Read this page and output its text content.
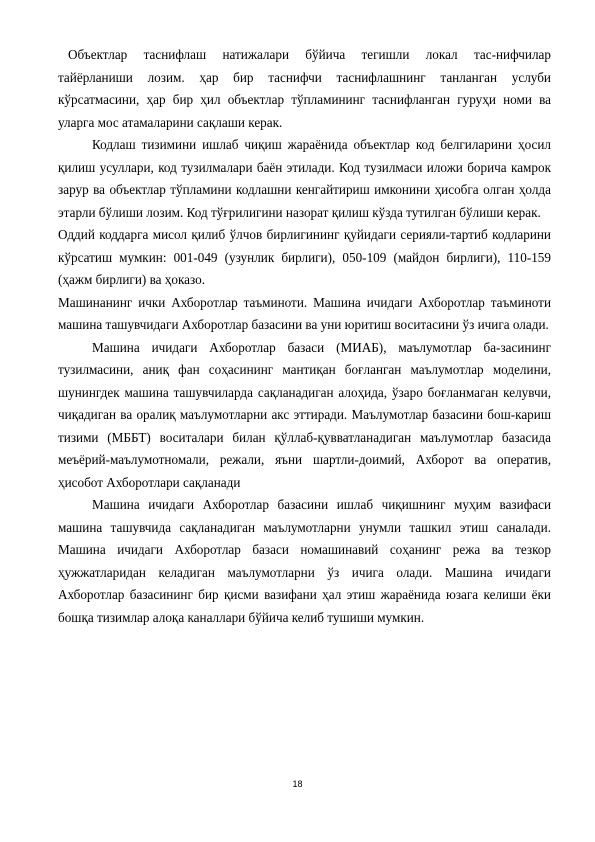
Объектлар таснифлаш натижалари бўйича тегишли локал тас-нифчилар тайёрланиши лозим. ҳар бир таснифчи таснифлашнинг танланган услуби кўрсатмасини, ҳар бир ҳил объектлар тўпламининг таснифланган гуруҳи номи ва уларга мос атамаларини сақлаши керак.

Кодлаш тизимини ишлаб чиқиш жараёнида объектлар код белгиларини ҳосил қилиш усуллари, код тузилмалари баён этилади. Код тузилмаси иложи борича камрок зарур ва объектлар тўпламини кодлашни кенгайтириш имконини ҳисобга олган ҳолда этарли бўлиши лозим. Код тўғрилигини назорат қилиш кўзда тутилган бўлиши керак.

Оддий коддарга мисол қилиб ўлчов бирлигининг қуйидаги серияли-тартиб кодларини кўрсатиш мумкин: 001-049 (узунлик бирлиги), 050-109 (майдон бирлиги), 110-159 (ҳажм бирлиги) ва ҳоказо.

Машинанинг ички Ахборотлар таъминоти. Машина ичидаги Ахборотлар таъминоти машина ташувчидаги Ахборотлар базасини ва уни юритиш воситасини ўз ичига олади.

Машина ичидаги Ахборотлар базаси (МИАБ), маълумотлар ба-засининг тузилмасини, аниқ фан соҳасининг мантиқан боғланган маълумотлар моделини, шунингдек машина ташувчиларда сақланадиган алоҳида, ўзаро боғланмаган келувчи, чиқадиган ва оралиқ маълумотларни акс эттиради. Маълумотлар базасини бош-кариш тизими (МББТ) воситалари билан қўллаб-қувватланадиган маълумотлар базасида меъёрий-маълумотномали, режали, яъни шартли-доимий, Ахборот ва оператив, ҳисобот Ахборотлари сақланади

Машина ичидаги Ахборотлар базасини ишлаб чиқишнинг муҳим вазифаси машина ташувчида сақланадиган маълумотларни унумли ташкил этиш саналади. Машина ичидаги Ахборотлар базаси номашинавий соҳанинг режа ва тезкор ҳужжатларидан келадиган маълумотларни ўз ичига олади. Машина ичидаги Ахборотлар базасининг бир қисми вазифани ҳал этиш жараёнида юзага келиши ёки бошқа тизимлар алоқа каналлари бўйича келиб тушиши мумкин.

18
